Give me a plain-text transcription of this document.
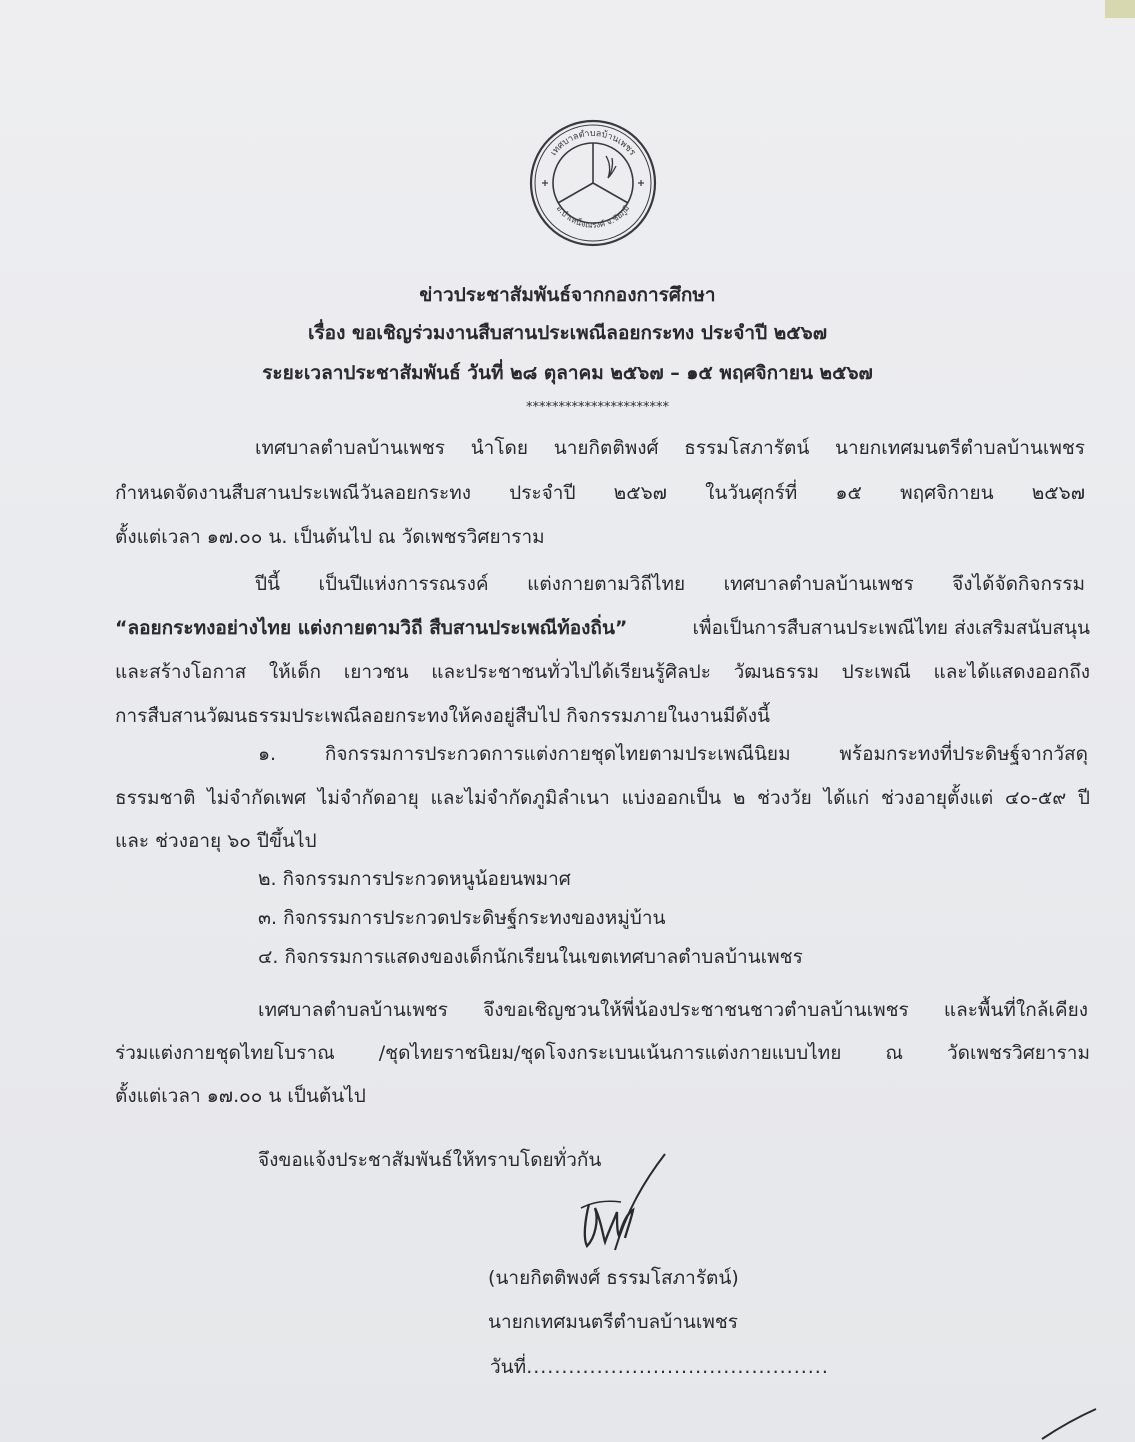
เทศบาลตำบลบ้านเพชร
อ.บำเหน็จณรงค์ จ.ชัยภูมิ
ข่าวประชาสัมพันธ์จากกองการศึกษา
เรื่อง ขอเชิญร่วมงานสืบสานประเพณีลอยกระทง ประจำปี ๒๕๖๗
ระยะเวลาประชาสัมพันธ์ วันที่ ๒๘ ตุลาคม ๒๕๖๗ – ๑๕ พฤศจิกายน ๒๕๖๗
**********************
เทศบาลตำบลบ้านเพชร นำโดย นายกิตติพงศ์ ธรรมโสภารัตน์ นายกเทศมนตรีตำบลบ้านเพชร
กำหนดจัดงานสืบสานประเพณีวันลอยกระทง ประจำปี ๒๕๖๗ ในวันศุกร์ที่ ๑๕ พฤศจิกายน ๒๕๖๗
ตั้งแต่เวลา ๑๗.๐๐ น. เป็นต้นไป ณ วัดเพชรวิศยาราม
ปีนี้ เป็นปีแห่งการรณรงค์ แต่งกายตามวิถีไทย เทศบาลตำบลบ้านเพชร จึงได้จัดกิจกรรม
“ลอยกระทงอย่างไทย แต่งกายตามวิถี สืบสานประเพณีท้องถิ่น”	เพื่อเป็นการสืบสานประเพณีไทย ส่งเสริมสนับสนุน
และสร้างโอกาส ให้เด็ก เยาวชน และประชาชนทั่วไปได้เรียนรู้ศิลปะ วัฒนธรรม ประเพณี และได้แสดงออกถึง
การสืบสานวัฒนธรรมประเพณีลอยกระทงให้คงอยู่สืบไป กิจกรรมภายในงานมีดังนี้
๑. กิจกรรมการประกวดการแต่งกายชุดไทยตามประเพณีนิยม พร้อมกระทงที่ประดิษฐ์จากวัสดุ
ธรรมชาติ ไม่จำกัดเพศ ไม่จำกัดอายุ และไม่จำกัดภูมิลำเนา แบ่งออกเป็น ๒ ช่วงวัย ได้แก่ ช่วงอายุตั้งแต่ ๔๐-๕๙ ปี
และ ช่วงอายุ ๖๐ ปีขึ้นไป
๒. กิจกรรมการประกวดหนูน้อยนพมาศ
๓. กิจกรรมการประกวดประดิษฐ์กระทงของหมู่บ้าน
๔. กิจกรรมการแสดงของเด็กนักเรียนในเขตเทศบาลตำบลบ้านเพชร
เทศบาลตำบลบ้านเพชร จึงขอเชิญชวนให้พี่น้องประชาชนชาวตำบลบ้านเพชร และพื้นที่ใกล้เคียง
ร่วมแต่งกายชุดไทยโบราณ /ชุดไทยราชนิยม/ชุดโจงกระเบนเน้นการแต่งกายแบบไทย ณ วัดเพชรวิศยาราม
ตั้งแต่เวลา ๑๗.๐๐ น เป็นต้นไป
จึงขอแจ้งประชาสัมพันธ์ให้ทราบโดยทั่วกัน
(นายกิตติพงศ์ ธรรมโสภารัตน์)
นายกเทศมนตรีตำบลบ้านเพชร
วันที่...........................................
